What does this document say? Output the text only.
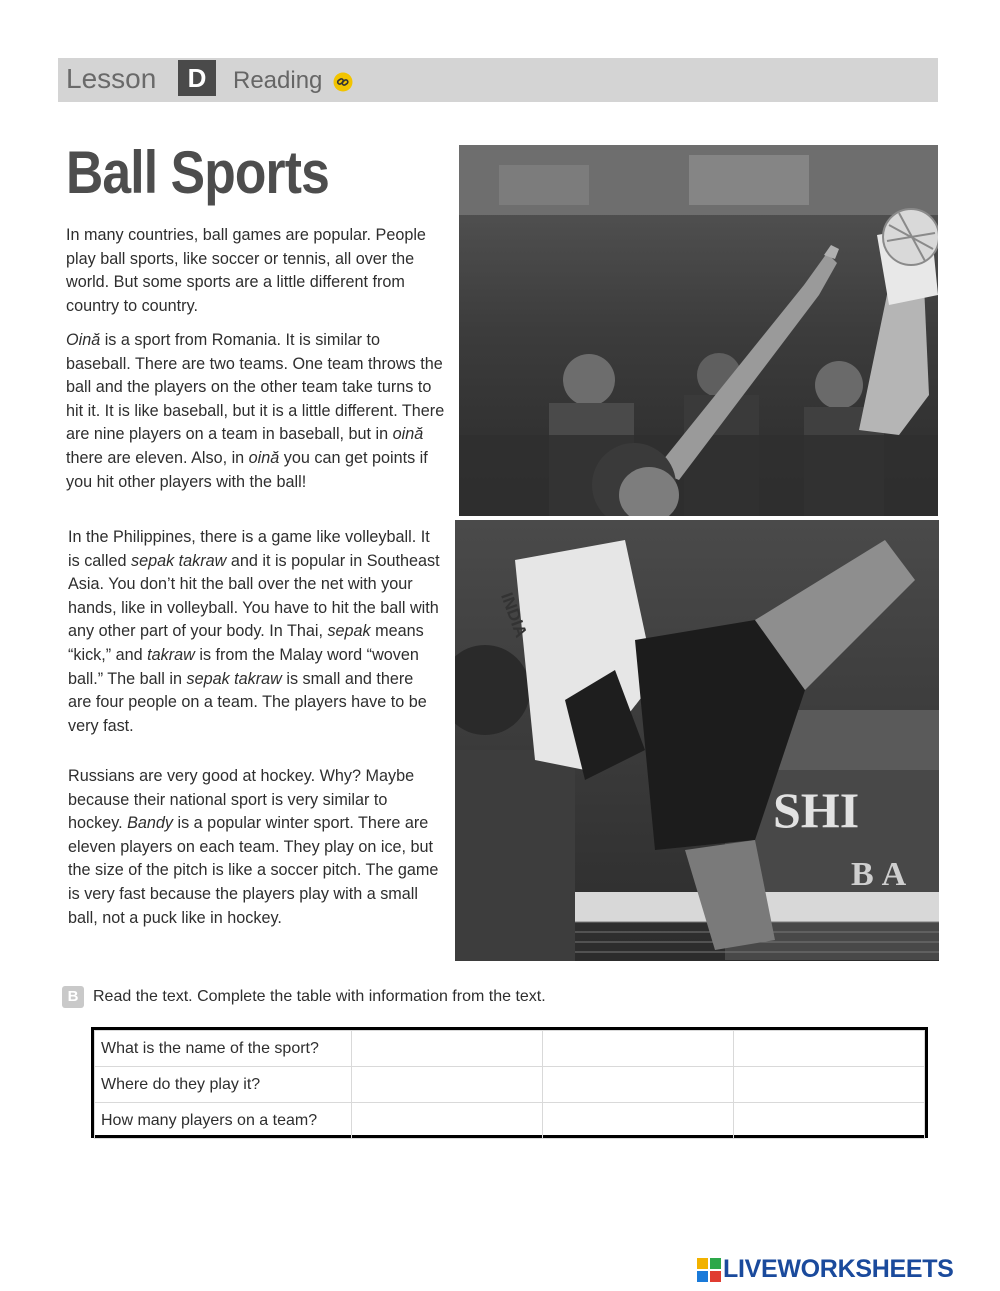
Lesson	D	Reading
Ball Sports

In many countries, ball games are popular. People play ball sports, like soccer or tennis, all over the world. But some sports are a little different from country to country.

Oină is a sport from Romania. It is similar to baseball. There are two teams. One team throws the ball and the players on the other team take turns to hit it. It is like baseball, but it is a little different. There are nine players on a team in baseball, but in oină there are eleven. Also, in oină you can get points if you hit other players with the ball!

In the Philippines, there is a game like volleyball. It is called sepak takraw and it is popular in Southeast Asia. You don’t hit the ball over the net with your hands, like in volleyball. You have to hit the ball with any other part of your body. In Thai, sepak means “kick,” and takraw is from the Malay word “woven ball.” The ball in sepak takraw is small and there are four people on a team. The players have to be very fast.

Russians are very good at hockey. Why? Maybe because their national sport is very similar to hockey. Bandy is a popular winter sport. There are eleven players on each team. They play on ice, but the size of the pitch is like a soccer pitch. The game is very fast because the players play with a small ball, not a puck like in hockey.

INDIA
SHI
BA
B Read the text. Complete the table with information from the text.
What is the name of the sport?			
Where do they play it?			
How many players on a team?			
LIVEWORKSHEETS
